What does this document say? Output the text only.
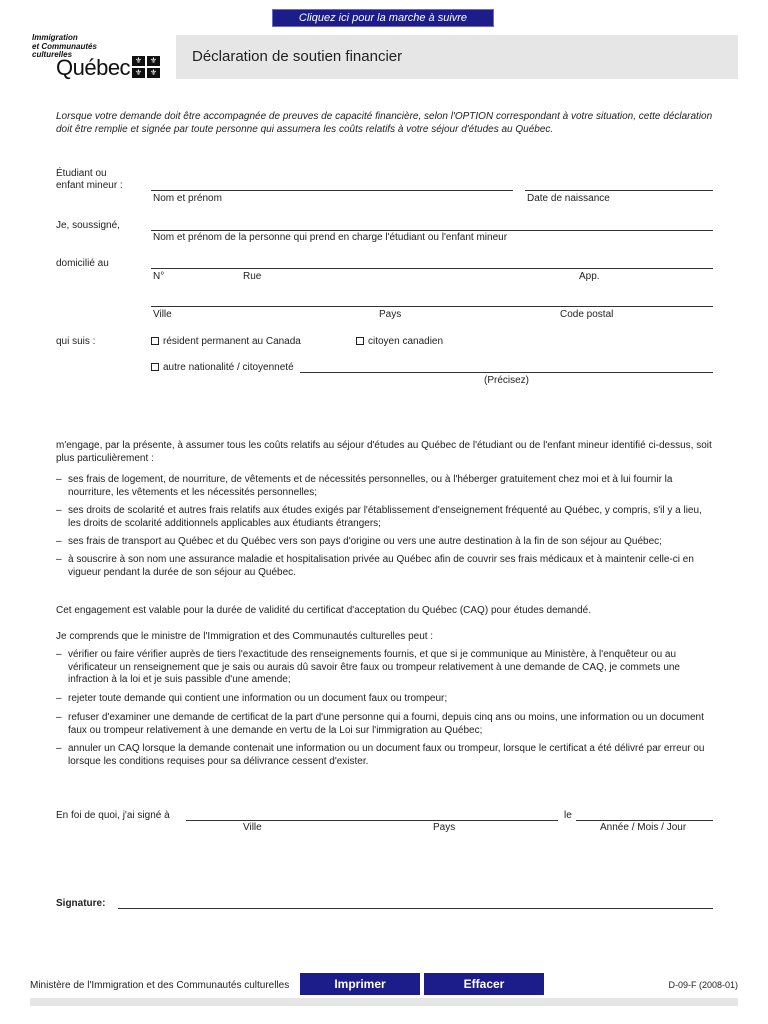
Cliquez ici pour la marche à suivre
Immigration
et Communautés
culturelles
Québec ⚜ ⚜
⚜ ⚜
Déclaration de soutien financier
Lorsque votre demande doit être accompagnée de preuves de capacité financière, selon l'OPTION correspondant à votre situation, cette déclaration doit être remplie et signée par toute personne qui assumera les coûts relatifs à votre séjour d'études au Québec.
Étudiant ou
enfant mineur :
Nom et prénom	Date de naissance
Je, soussigné,
Nom et prénom de la personne qui prend en charge l'étudiant ou l'enfant mineur
domicilié au
N°	Rue	App.
Ville	Pays	Code postal
qui suis :	résident permanent au Canada	citoyen canadien
autre nationalité / citoyenneté
(Précisez)
m'engage, par la présente, à assumer tous les coûts relatifs au séjour d'études au Québec de l'étudiant ou de l'enfant mineur identifié ci-dessus, soit plus particulièrement :
– ses frais de logement, de nourriture, de vêtements et de nécessités personnelles, ou à l'héberger gratuitement chez moi et à lui fournir la nourriture, les vêtements et les nécessités personnelles;
– ses droits de scolarité et autres frais relatifs aux études exigés par l'établissement d'enseignement fréquenté au Québec, y compris, s'il y a lieu, les droits de scolarité additionnels applicables aux étudiants étrangers;
– ses frais de transport au Québec et du Québec vers son pays d'origine ou vers une autre destination à la fin de son séjour au Québec;
– à souscrire à son nom une assurance maladie et hospitalisation privée au Québec afin de couvrir ses frais médicaux et à maintenir celle-ci en vigueur pendant la durée de son séjour au Québec.
Cet engagement est valable pour la durée de validité du certificat d'acceptation du Québec (CAQ) pour études demandé.
Je comprends que le ministre de l'Immigration et des Communautés culturelles peut :
– vérifier ou faire vérifier auprès de tiers l'exactitude des renseignements fournis, et que si je communique au Ministère, à l'enquêteur ou au vérificateur un renseignement que je sais ou aurais dû savoir être faux ou trompeur relativement à une demande de CAQ, je commets une infraction à la loi et je suis passible d'une amende;
– rejeter toute demande qui contient une information ou un document faux ou trompeur;
– refuser d'examiner une demande de certificat de la part d'une personne qui a fourni, depuis cinq ans ou moins, une information ou un document faux ou trompeur relativement à une demande en vertu de la Loi sur l'immigration au Québec;
– annuler un CAQ lorsque la demande contenait une information ou un document faux ou trompeur, lorsque le certificat a été délivré par erreur ou lorsque les conditions requises pour sa délivrance cessent d'exister.
En foi de quoi, j'ai signé à	le
Ville	Pays	Année / Mois / Jour
Signature:
Ministère de l'Immigration et des Communautés culturelles	Imprimer	Effacer	D-09-F (2008-01)
